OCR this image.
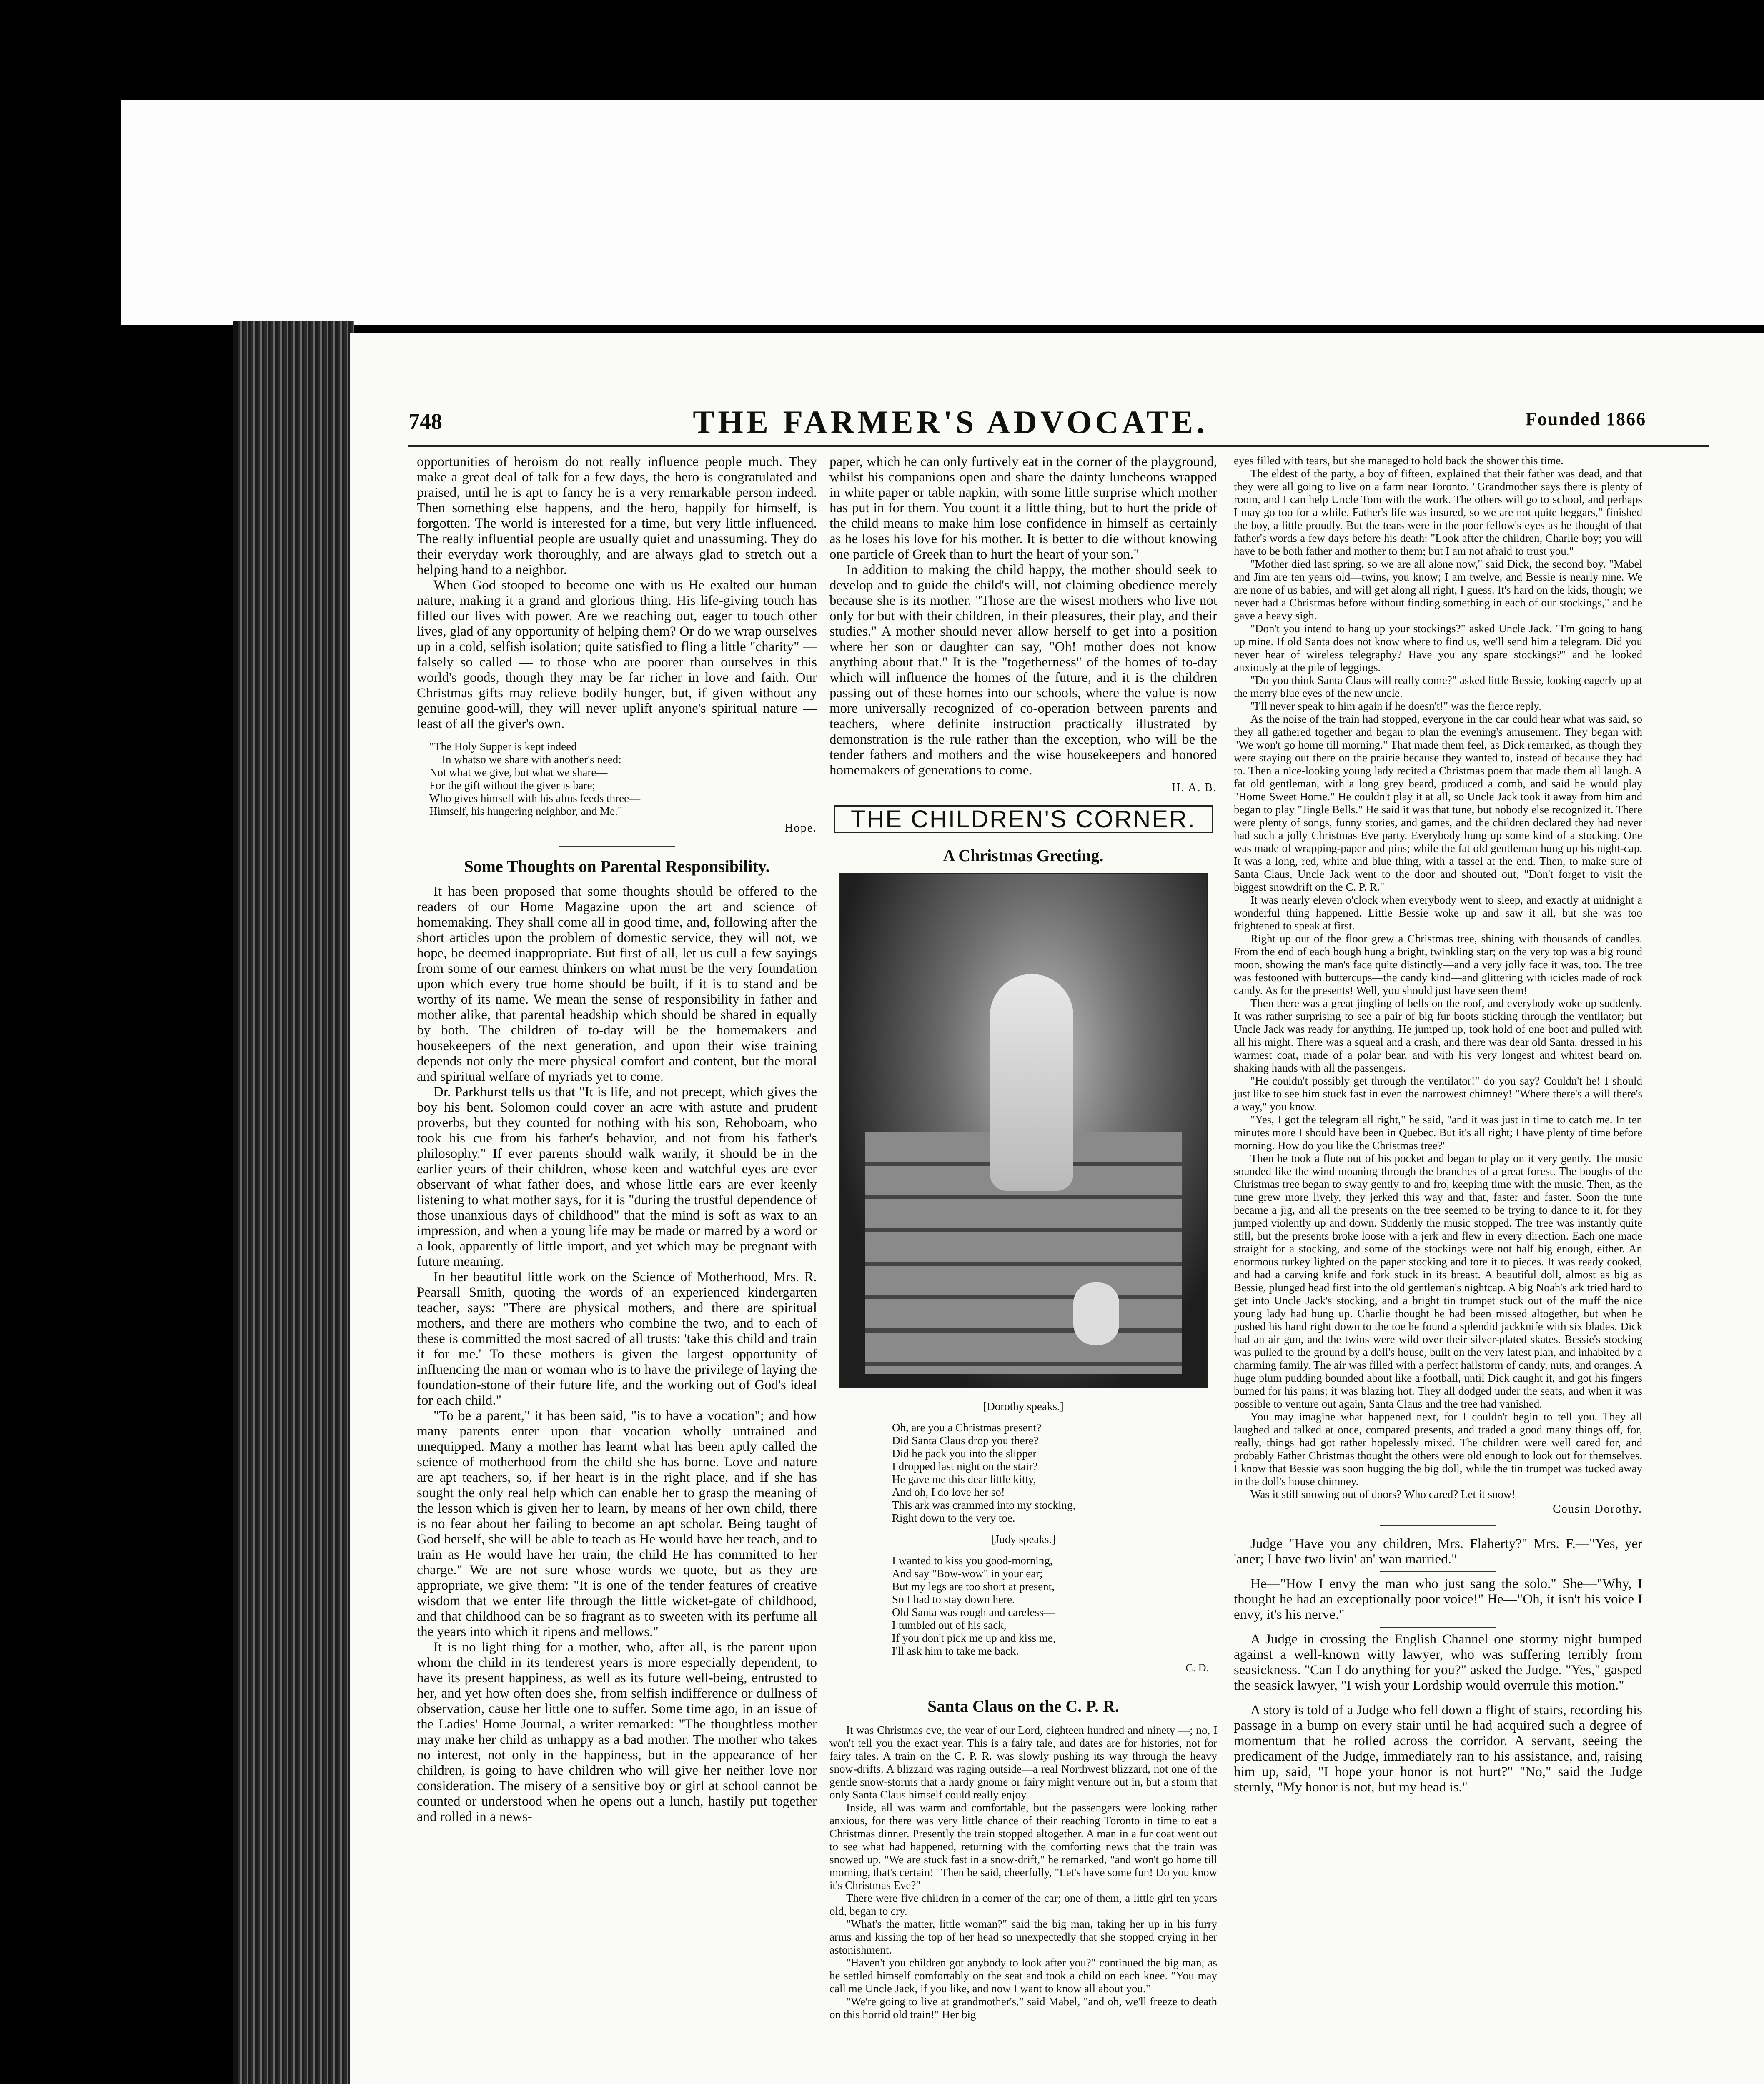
748	THE FARMER'S ADVOCATE.	Founded 1866

opportunities of heroism do not really influence people much. They make a great deal of talk for a few days, the hero is congratulated and praised, until he is apt to fancy he is a very remarkable person indeed. Then something else happens, and the hero, happily for himself, is forgotten. The world is interested for a time, but very little influenced. The really influential people are usually quiet and unassuming. They do their everyday work thoroughly, and are always glad to stretch out a helping hand to a neighbor.

When God stooped to become one with us He exalted our human nature, making it a grand and glorious thing. His life-giving touch has filled our lives with power. Are we reaching out, eager to touch other lives, glad of any opportunity of helping them? Or do we wrap ourselves up in a cold, selfish isolation; quite satisfied to fling a little "charity" — falsely so called — to those who are poorer than ourselves in this world's goods, though they may be far richer in love and faith. Our Christmas gifts may relieve bodily hunger, but, if given without any genuine good-will, they will never uplift anyone's spiritual nature — least of all the giver's own.

"The Holy Supper is kept indeed
In whatso we share with another's need:
Not what we give, but what we share—
For the gift without the giver is bare;
Who gives himself with his alms feeds three—
Himself, his hungering neighbor, and Me."
Hope.
Some Thoughts on Parental Responsibility.

It has been proposed that some thoughts should be offered to the readers of our Home Magazine upon the art and science of homemaking. They shall come all in good time, and, following after the short articles upon the problem of domestic service, they will not, we hope, be deemed inappropriate. But first of all, let us cull a few sayings from some of our earnest thinkers on what must be the very foundation upon which every true home should be built, if it is to stand and be worthy of its name. We mean the sense of responsibility in father and mother alike, that parental headship which should be shared in equally by both. The children of to-day will be the homemakers and housekeepers of the next generation, and upon their wise training depends not only the mere physical comfort and content, but the moral and spiritual welfare of myriads yet to come.

Dr. Parkhurst tells us that "It is life, and not precept, which gives the boy his bent. Solomon could cover an acre with astute and prudent proverbs, but they counted for nothing with his son, Rehoboam, who took his cue from his father's behavior, and not from his father's philosophy." If ever parents should walk warily, it should be in the earlier years of their children, whose keen and watchful eyes are ever observant of what father does, and whose little ears are ever keenly listening to what mother says, for it is "during the trustful dependence of those unanxious days of childhood" that the mind is soft as wax to an impression, and when a young life may be made or marred by a word or a look, apparently of little import, and yet which may be pregnant with future meaning.

In her beautiful little work on the Science of Motherhood, Mrs. R. Pearsall Smith, quoting the words of an experienced kindergarten teacher, says: "There are physical mothers, and there are spiritual mothers, and there are mothers who combine the two, and to each of these is committed the most sacred of all trusts: 'take this child and train it for me.' To these mothers is given the largest opportunity of influencing the man or woman who is to have the privilege of laying the foundation-stone of their future life, and the working out of God's ideal for each child."

"To be a parent," it has been said, "is to have a vocation"; and how many parents enter upon that vocation wholly untrained and unequipped. Many a mother has learnt what has been aptly called the science of motherhood from the child she has borne. Love and nature are apt teachers, so, if her heart is in the right place, and if she has sought the only real help which can enable her to grasp the meaning of the lesson which is given her to learn, by means of her own child, there is no fear about her failing to become an apt scholar. Being taught of God herself, she will be able to teach as He would have her teach, and to train as He would have her train, the child He has committed to her charge." We are not sure whose words we quote, but as they are appropriate, we give them: "It is one of the tender features of creative wisdom that we enter life through the little wicket-gate of childhood, and that childhood can be so fragrant as to sweeten with its perfume all the years into which it ripens and mellows."

It is no light thing for a mother, who, after all, is the parent upon whom the child in its tenderest years is more especially dependent, to have its present happiness, as well as its future well-being, entrusted to her, and yet how often does she, from selfish indifference or dullness of observation, cause her little one to suffer. Some time ago, in an issue of the Ladies' Home Journal, a writer remarked: "The thoughtless mother may make her child as unhappy as a bad mother. The mother who takes no interest, not only in the happiness, but in the appearance of her children, is going to have children who will give her neither love nor consideration. The misery of a sensitive boy or girl at school cannot be counted or understood when he opens out a lunch, hastily put together and rolled in a news-

paper, which he can only furtively eat in the corner of the playground, whilst his companions open and share the dainty luncheons wrapped in white paper or table napkin, with some little surprise which mother has put in for them. You count it a little thing, but to hurt the pride of the child means to make him lose confidence in himself as certainly as he loses his love for his mother. It is better to die without knowing one particle of Greek than to hurt the heart of your son."

In addition to making the child happy, the mother should seek to develop and to guide the child's will, not claiming obedience merely because she is its mother. "Those are the wisest mothers who live not only for but with their children, in their pleasures, their play, and their studies." A mother should never allow herself to get into a position where her son or daughter can say, "Oh! mother does not know anything about that." It is the "togetherness" of the homes of to-day which will influence the homes of the future, and it is the children passing out of these homes into our schools, where the value is now more universally recognized of co-operation between parents and teachers, where definite instruction practically illustrated by demonstration is the rule rather than the exception, who will be the tender fathers and mothers and the wise housekeepers and honored homemakers of generations to come.

H. A. B.
THE CHILDREN'S CORNER.
A Christmas Greeting.
[Dorothy speaks.]
Oh, are you a Christmas present?
Did Santa Claus drop you there?
Did he pack you into the slipper
I dropped last night on the stair?
He gave me this dear little kitty,
And oh, I do love her so!
This ark was crammed into my stocking,
Right down to the very toe.
[Judy speaks.]
I wanted to kiss you good-morning,
And say "Bow-wow" in your ear;
But my legs are too short at present,
So I had to stay down here.
Old Santa was rough and careless—
I tumbled out of his sack,
If you don't pick me up and kiss me,
I'll ask him to take me back.
C. D.
Santa Claus on the C. P. R.

It was Christmas eve, the year of our Lord, eighteen hundred and ninety —; no, I won't tell you the exact year. This is a fairy tale, and dates are for histories, not for fairy tales. A train on the C. P. R. was slowly pushing its way through the heavy snow-drifts. A blizzard was raging outside—a real Northwest blizzard, not one of the gentle snow-storms that a hardy gnome or fairy might venture out in, but a storm that only Santa Claus himself could really enjoy.

Inside, all was warm and comfortable, but the passengers were looking rather anxious, for there was very little chance of their reaching Toronto in time to eat a Christmas dinner. Presently the train stopped altogether. A man in a fur coat went out to see what had happened, returning with the comforting news that the train was snowed up. "We are stuck fast in a snow-drift," he remarked, "and won't go home till morning, that's certain!" Then he said, cheerfully, "Let's have some fun! Do you know it's Christmas Eve?"

There were five children in a corner of the car; one of them, a little girl ten years old, began to cry.

"What's the matter, little woman?" said the big man, taking her up in his furry arms and kissing the top of her head so unexpectedly that she stopped crying in her astonishment.

"Haven't you children got anybody to look after you?" continued the big man, as he settled himself comfortably on the seat and took a child on each knee. "You may call me Uncle Jack, if you like, and now I want to know all about you."

"We're going to live at grandmother's," said Mabel, "and oh, we'll freeze to death on this horrid old train!" Her big

eyes filled with tears, but she managed to hold back the shower this time.

The eldest of the party, a boy of fifteen, explained that their father was dead, and that they were all going to live on a farm near Toronto. "Grandmother says there is plenty of room, and I can help Uncle Tom with the work. The others will go to school, and perhaps I may go too for a while. Father's life was insured, so we are not quite beggars," finished the boy, a little proudly. But the tears were in the poor fellow's eyes as he thought of that father's words a few days before his death: "Look after the children, Charlie boy; you will have to be both father and mother to them; but I am not afraid to trust you."

"Mother died last spring, so we are all alone now," said Dick, the second boy. "Mabel and Jim are ten years old—twins, you know; I am twelve, and Bessie is nearly nine. We are none of us babies, and will get along all right, I guess. It's hard on the kids, though; we never had a Christmas before without finding something in each of our stockings," and he gave a heavy sigh.

"Don't you intend to hang up your stockings?" asked Uncle Jack. "I'm going to hang up mine. If old Santa does not know where to find us, we'll send him a telegram. Did you never hear of wireless telegraphy? Have you any spare stockings?" and he looked anxiously at the pile of leggings.

"Do you think Santa Claus will really come?" asked little Bessie, looking eagerly up at the merry blue eyes of the new uncle.

"I'll never speak to him again if he doesn't!" was the fierce reply.

As the noise of the train had stopped, everyone in the car could hear what was said, so they all gathered together and began to plan the evening's amusement. They began with "We won't go home till morning." That made them feel, as Dick remarked, as though they were staying out there on the prairie because they wanted to, instead of because they had to. Then a nice-looking young lady recited a Christmas poem that made them all laugh. A fat old gentleman, with a long grey beard, produced a comb, and said he would play "Home Sweet Home." He couldn't play it at all, so Uncle Jack took it away from him and began to play "Jingle Bells." He said it was that tune, but nobody else recognized it. There were plenty of songs, funny stories, and games, and the children declared they had never had such a jolly Christmas Eve party. Everybody hung up some kind of a stocking. One was made of wrapping-paper and pins; while the fat old gentleman hung up his night-cap. It was a long, red, white and blue thing, with a tassel at the end. Then, to make sure of Santa Claus, Uncle Jack went to the door and shouted out, "Don't forget to visit the biggest snowdrift on the C. P. R."

It was nearly eleven o'clock when everybody went to sleep, and exactly at midnight a wonderful thing happened. Little Bessie woke up and saw it all, but she was too frightened to speak at first.

Right up out of the floor grew a Christmas tree, shining with thousands of candles. From the end of each bough hung a bright, twinkling star; on the very top was a big round moon, showing the man's face quite distinctly—and a very jolly face it was, too. The tree was festooned with buttercups—the candy kind—and glittering with icicles made of rock candy. As for the presents! Well, you should just have seen them!

Then there was a great jingling of bells on the roof, and everybody woke up suddenly. It was rather surprising to see a pair of big fur boots sticking through the ventilator; but Uncle Jack was ready for anything. He jumped up, took hold of one boot and pulled with all his might. There was a squeal and a crash, and there was dear old Santa, dressed in his warmest coat, made of a polar bear, and with his very longest and whitest beard on, shaking hands with all the passengers.

"He couldn't possibly get through the ventilator!" do you say? Couldn't he! I should just like to see him stuck fast in even the narrowest chimney! "Where there's a will there's a way," you know.

"Yes, I got the telegram all right," he said, "and it was just in time to catch me. In ten minutes more I should have been in Quebec. But it's all right; I have plenty of time before morning. How do you like the Christmas tree?"

Then he took a flute out of his pocket and began to play on it very gently. The music sounded like the wind moaning through the branches of a great forest. The boughs of the Christmas tree began to sway gently to and fro, keeping time with the music. Then, as the tune grew more lively, they jerked this way and that, faster and faster. Soon the tune became a jig, and all the presents on the tree seemed to be trying to dance to it, for they jumped violently up and down. Suddenly the music stopped. The tree was instantly quite still, but the presents broke loose with a jerk and flew in every direction. Each one made straight for a stocking, and some of the stockings were not half big enough, either. An enormous turkey lighted on the paper stocking and tore it to pieces. It was ready cooked, and had a carving knife and fork stuck in its breast. A beautiful doll, almost as big as Bessie, plunged head first into the old gentleman's nightcap. A big Noah's ark tried hard to get into Uncle Jack's stocking, and a bright tin trumpet stuck out of the muff the nice young lady had hung up. Charlie thought he had been missed altogether, but when he pushed his hand right down to the toe he found a splendid jackknife with six blades. Dick had an air gun, and the twins were wild over their silver-plated skates. Bessie's stocking was pulled to the ground by a doll's house, built on the very latest plan, and inhabited by a charming family. The air was filled with a perfect hailstorm of candy, nuts, and oranges. A huge plum pudding bounded about like a football, until Dick caught it, and got his fingers burned for his pains; it was blazing hot. They all dodged under the seats, and when it was possible to venture out again, Santa Claus and the tree had vanished.

You may imagine what happened next, for I couldn't begin to tell you. They all laughed and talked at once, compared presents, and traded a good many things off, for, really, things had got rather hopelessly mixed. The children were well cared for, and probably Father Christmas thought the others were old enough to look out for themselves. I know that Bessie was soon hugging the big doll, while the tin trumpet was tucked away in the doll's house chimney.

Was it still snowing out of doors? Who cared? Let it snow!

Cousin Dorothy.

Judge "Have you any children, Mrs. Flaherty?" Mrs. F.—"Yes, yer 'aner; I have two livin' an' wan married."

He—"How I envy the man who just sang the solo." She—"Why, I thought he had an exceptionally poor voice!" He—"Oh, it isn't his voice I envy, it's his nerve."

A Judge in crossing the English Channel one stormy night bumped against a well-known witty lawyer, who was suffering terribly from seasickness. "Can I do anything for you?" asked the Judge. "Yes," gasped the seasick lawyer, "I wish your Lordship would overrule this motion."

A story is told of a Judge who fell down a flight of stairs, recording his passage in a bump on every stair until he had acquired such a degree of momentum that he rolled across the corridor. A servant, seeing the predicament of the Judge, immediately ran to his assistance, and, raising him up, said, "I hope your honor is not hurt?" "No," said the Judge sternly, "My honor is not, but my head is."
